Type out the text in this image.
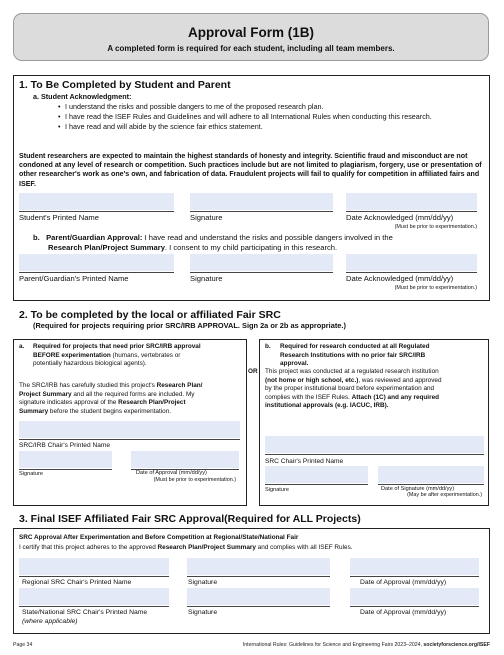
Approval Form (1B)
A completed form is required for each student, including all team members.
1. To Be Completed by Student and Parent
a. Student Acknowledgment:
• I understand the risks and possible dangers to me of the proposed research plan.
• I have read the ISEF Rules and Guidelines and will adhere to all International Rules when conducting this research.
• I have read and will abide by the science fair ethics statement.
Student researchers are expected to maintain the highest standards of honesty and integrity. Scientific fraud and misconduct are not condoned at any level of research or competition. Such practices include but are not limited to plagiarism, forgery, use or presentation of other researcher's work as one's own, and fabrication of data. Fraudulent projects will fail to qualify for competition in affiliated fairs and ISEF.
Student's Printed Name	Signature	Date Acknowledged (mm/dd/yy)
(Must be prior to experimentation.)
b. Parent/Guardian Approval: I have read and understand the risks and possible dangers involved in the
Research Plan/Project Summary. I consent to my child participating in this research.
Parent/Guardian's Printed Name	Signature	Date Acknowledged (mm/dd/yy)
(Must be prior to experimentation.)
2. To be completed by the local or affiliated Fair SRC
(Required for projects requiring prior SRC/IRB APPROVAL. Sign 2a or 2b as appropriate.)
a. Required for projects that need prior SRC/IRB approval
BEFORE experimentation (humans, vertebrates or
potentially hazardous biological agents).
The SRC/IRB has carefully studied this project's Research Plan/
Project Summary and all the required forms are included. My
signature indicates approval of the Research Plan/Project
Summary before the student begins experimentation.
SRC/IRB Chair's Printed Name
Signature	Date of Approval (mm/dd/yy)
(Must be prior to experimentation.)
OR
b. Required for research conducted at all Regulated
Research Institutions with no prior fair SRC/IRB
approval.
This project was conducted at a regulated research institution
(not home or high school, etc.), was reviewed and approved
by the proper institutional board before experimentation and
complies with the ISEF Rules. Attach (1C) and any required
institutional approvals (e.g. IACUC, IRB).
SRC Chair's Printed Name
Signature	Date of Signature (mm/dd/yy)
(May be after experimentation.)
3. Final ISEF Affiliated Fair SRC Approval(Required for ALL Projects)
SRC Approval After Experimentation and Before Competition at Regional/State/National Fair
I certify that this project adheres to the approved Research Plan/Project Summary and complies with all ISEF Rules.
Regional SRC Chair's Printed Name	Signature	Date of Approval (mm/dd/yy)
State/National SRC Chair's Printed Name
(where applicable)
Signature	Date of Approval (mm/dd/yy)
Page 34	International Rules: Guidelines for Science and Engineering Fairs 2023–2024, societyforscience.org/ISEF
